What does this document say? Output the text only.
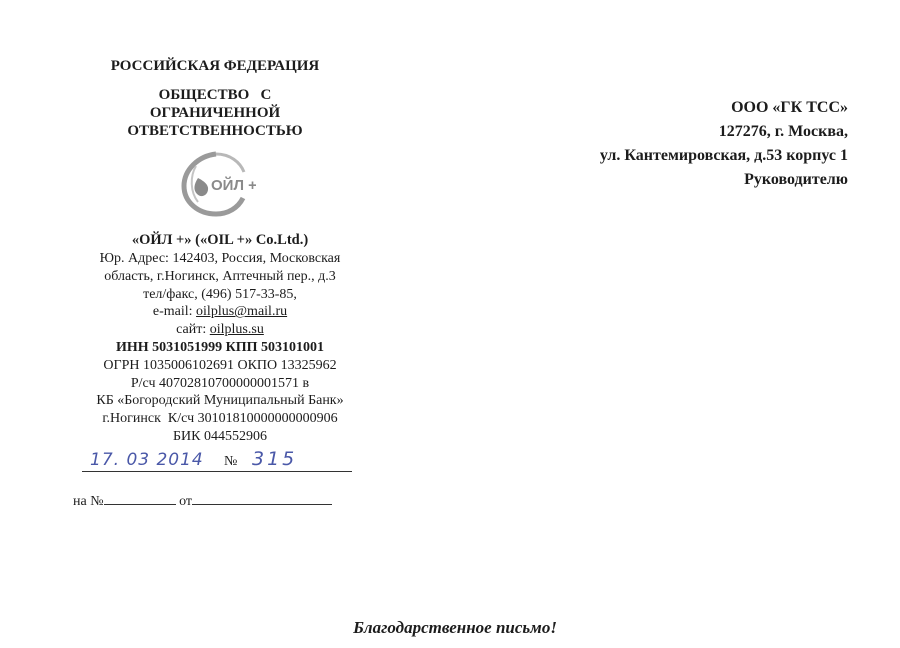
РОССИЙСКАЯ ФЕДЕРАЦИЯ
ОБЩЕСТВО   С
ОГРАНИЧЕННОЙ
ОТВЕТСТВЕННОСТЬЮ
ОЙЛ +
«ОЙЛ +» («OIL +» Co.Ltd.)
Юр. Адрес: 142403, Россия, Московская
область, г.Ногинск, Аптечный пер., д.3
тел/факс, (496) 517-33-85,
e-mail: oilplus@mail.ru
сайт: oilplus.su
ИНН 5031051999 КПП 503101001
ОГРН 1035006102691 ОКПО 13325962
Р/сч 40702810700000001571 в
КБ «Богородский Муниципальный Банк»
г.Ногинск  К/сч 30101810000000000906
БИК 044552906
17. 03 2014 № 315
на №	от
ООО «ГК ТСС»
127276, г. Москва,
ул. Кантемировская, д.53 корпус 1
Руководителю
Благодарственное письмо!
